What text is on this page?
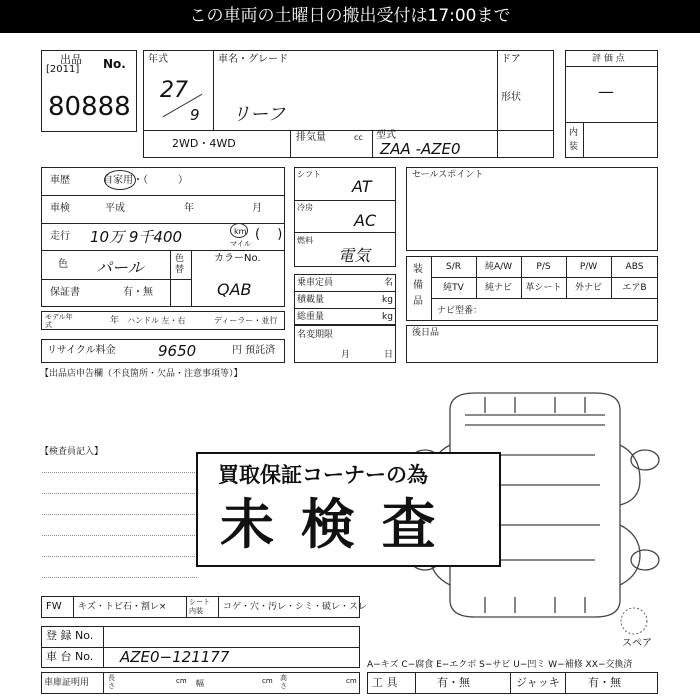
この車両の土曜日の搬出受付は17:00まで
[2011]
出品 No.
80888
年式
27
9
車名・グレード
リーフ
ドア
形状
2WD・4WD	排気量	cc 型式
ZAA -AZE0
評 価 点
—
内装
車歴	自家用・（　　　）
車検	平成	年	月
走行 10万 9千400	km
マイル
(　 )
色 パール	色替
カラーNo.
QAB
保証書	有・無
モデル年式	年 ハンドル 左・右	ディーラー・並行
リサイクル料金	9650	円 預託済
シフト
AT
冷房
AC
燃料
電気
乗車定員	名
積載量	kg
総重量	kg
名変期限
月	日
セールスポイント
装備品
S/R	純A/W	P/S	P/W	ABS
純TV	純ナビ	革シート	外ナビ	エアB
ナビ型番：
後日品
【出品店申告欄（不良箇所・欠品・注意事項等）】
【検査員記入】
スペア
買取保証コーナーの為
未 検 査
FW キズ・トビ石・割レ×	シート内装	コゲ・穴・汚レ・シミ・破レ・スレ
登 録 No.
車 台 No. AZE0−121177
車庫証明用	長さ
cm 幅	cm 高さ
cm
A−キズ C−腐食 E−エクボ S−サビ U−凹ミ W−補修 XX−交換済
工 具	有・無	ジャッキ	有・無
